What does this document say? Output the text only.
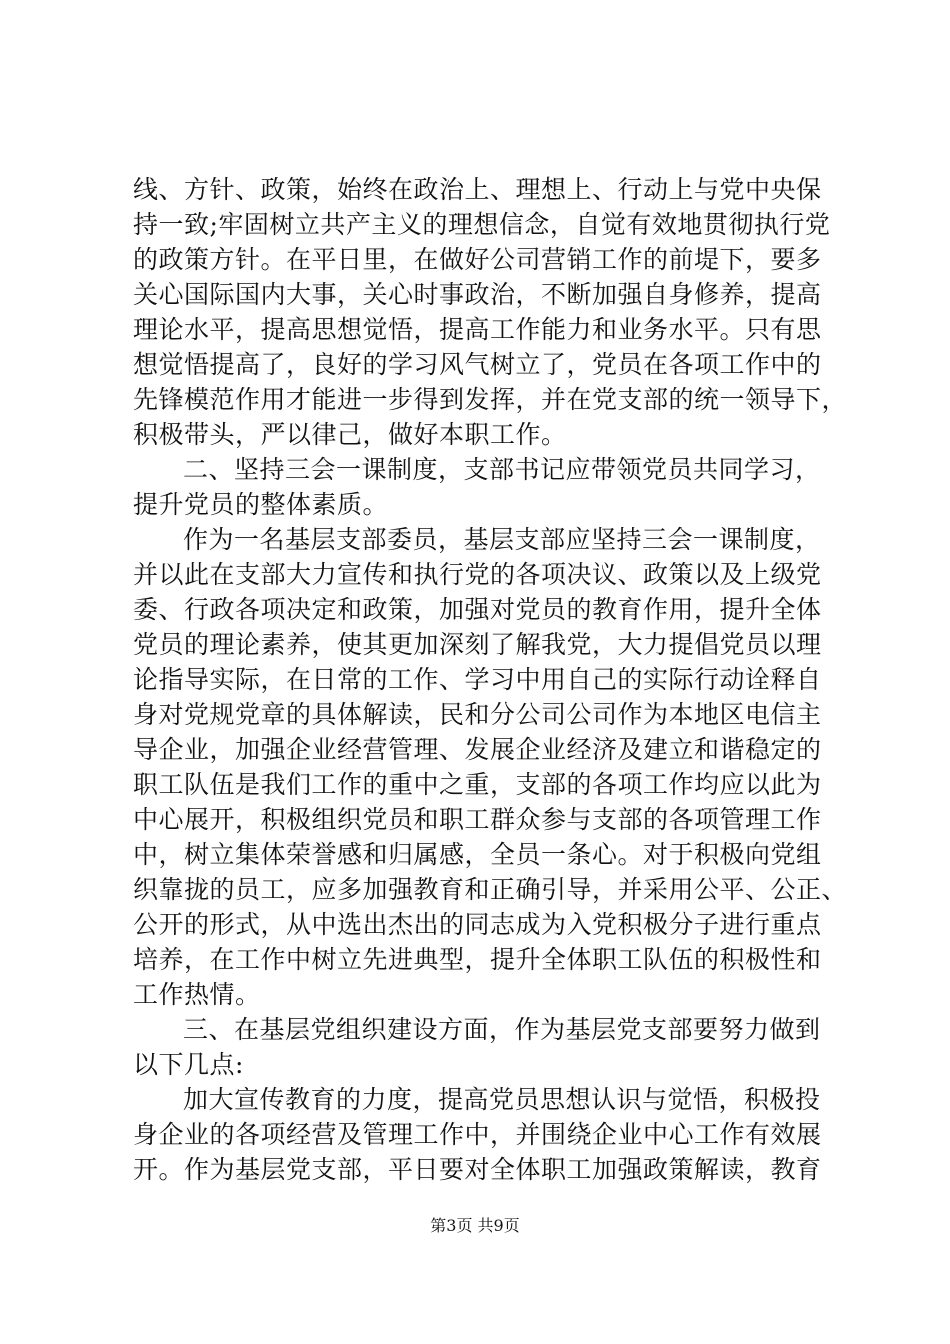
线、方针、政策，始终在政治上、理想上、行动上与党中央保
持一致;牢固树立共产主义的理想信念，自觉有效地贯彻执行党
的政策方针。在平日里，在做好公司营销工作的前堤下，要多
关心国际国内大事，关心时事政治，不断加强自身修养，提高
理论水平，提高思想觉悟，提高工作能力和业务水平。只有思
想觉悟提高了，良好的学习风气树立了，党员在各项工作中的
先锋模范作用才能进一步得到发挥，并在党支部的统一领导下，
积极带头，严以律己，做好本职工作。
二、坚持三会一课制度，支部书记应带领党员共同学习，
提升党员的整体素质。
作为一名基层支部委员，基层支部应坚持三会一课制度，
并以此在支部大力宣传和执行党的各项决议、政策以及上级党
委、行政各项决定和政策，加强对党员的教育作用，提升全体
党员的理论素养，使其更加深刻了解我党，大力提倡党员以理
论指导实际，在日常的工作、学习中用自己的实际行动诠释自
身对党规党章的具体解读，民和分公司公司作为本地区电信主
导企业，加强企业经营管理、发展企业经济及建立和谐稳定的
职工队伍是我们工作的重中之重，支部的各项工作均应以此为
中心展开，积极组织党员和职工群众参与支部的各项管理工作
中，树立集体荣誉感和归属感，全员一条心。对于积极向党组
织靠拢的员工，应多加强教育和正确引导，并采用公平、公正、
公开的形式，从中选出杰出的同志成为入党积极分子进行重点
培养，在工作中树立先进典型，提升全体职工队伍的积极性和
工作热情。
三、在基层党组织建设方面，作为基层党支部要努力做到
以下几点:
加大宣传教育的力度，提高党员思想认识与觉悟，积极投
身企业的各项经营及管理工作中，并围绕企业中心工作有效展
开。作为基层党支部，平日要对全体职工加强政策解读，教育
第3页 共9页
